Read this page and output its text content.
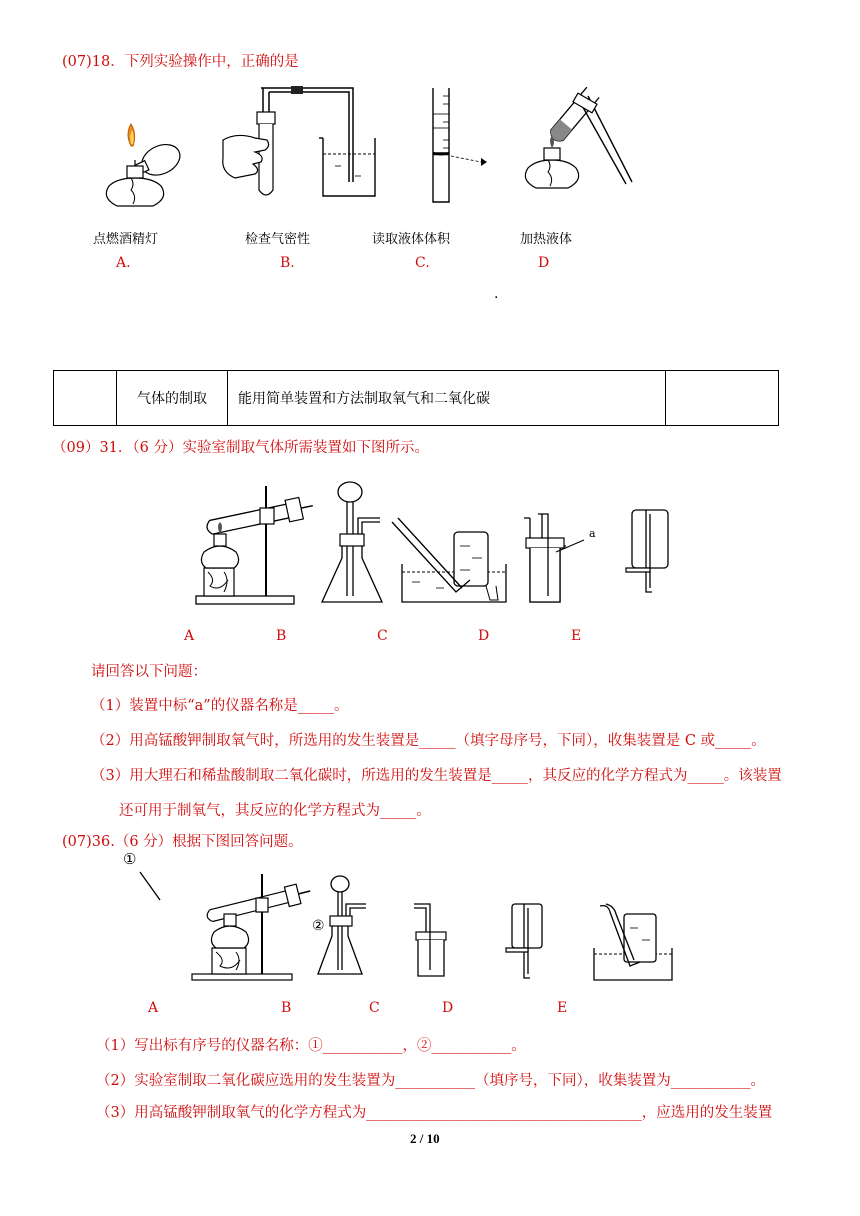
(07)18．下列实验操作中，正确的是
点燃酒精灯
A.
检查气密性
B.
读取液体体积
C.
加热液体
D
.
	气体的制取	能用简单装置和方法制取氧气和二氧化碳	
（09）31．（6 分）实验室制取气体所需装置如下图所示。
A	B	C	D	E
a
请回答以下问题：
（1）装置中标“a”的仪器名称是_____。
（2）用高锰酸钾制取氧气时，所选用的发生装置是_____（填字母序号，下同），收集装置是 C 或_____。
（3）用大理石和稀盐酸制取二氧化碳时，所选用的发生装置是_____，其反应的化学方程式为_____。该装置
还可用于制氧气，其反应的化学方程式为_____。
(07)36.（6 分）根据下图回答问题。
①
②
A	B	C	D	E
（1）写出标有序号的仪器名称：①___________，②___________。
（2）实验室制取二氧化碳应选用的发生装置为___________（填序号，下同），收集装置为___________。
（3）用高锰酸钾制取氧气的化学方程式为______________________________________，应选用的发生装置
2 / 10
